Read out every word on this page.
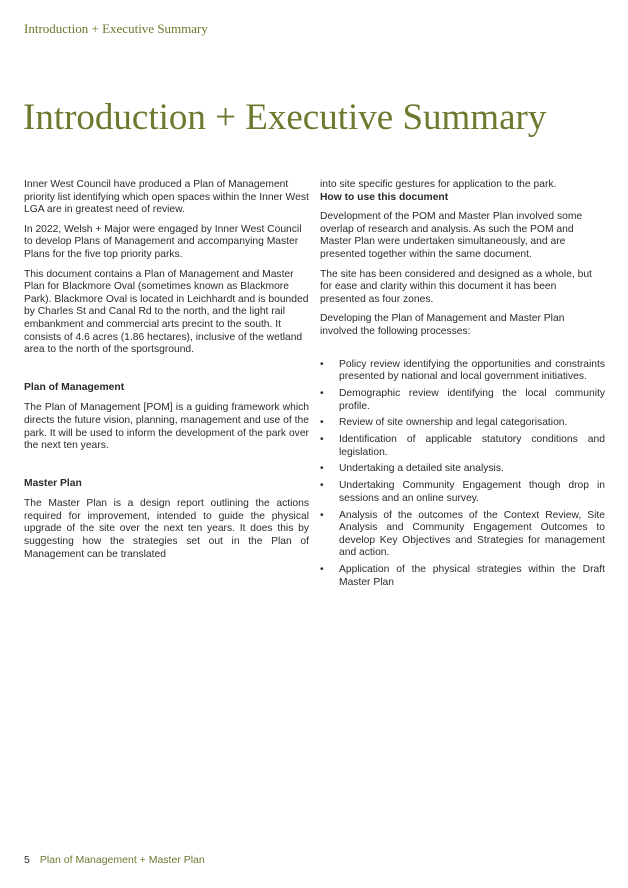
Introduction + Executive Summary
Introduction + Executive Summary

Inner West Council have produced a Plan of Management priority list identifying which open spaces within the Inner West LGA are in greatest need of review.

In 2022, Welsh + Major were engaged by Inner West Council to develop Plans of Management and accompanying Master Plans for the five top priority parks.

This document contains a Plan of Management and Master Plan for Blackmore Oval (sometimes known as Blackmore Park). Blackmore Oval is located in Leichhardt and is bounded by Charles St and Canal Rd to the north, and the light rail embankment and commercial arts precint to the south. It consists of 4.6 acres (1.86 hectares), inclusive of the wetland area to the north of the sportsground.

Plan of Management

The Plan of Management [POM] is a guiding framework which directs the future vision, planning, management and use of the park. It will be used to inform the development of the park over the next ten years.

Master Plan

The Master Plan is a design report outlining the actions required for improvement, intended to guide the physical upgrade of the site over the next ten years. It does this by suggesting how the strategies set out in the Plan of Management can be translated

into site specific gestures for application to the park.
How to use this document

Development of the POM and Master Plan involved some overlap of research and analysis. As such the POM and Master Plan were undertaken simultaneously, and are presented together within the same document.

The site has been considered and designed as a whole, but for ease and clarity within this document it has been presented as four zones.

Developing the Plan of Management and Master Plan involved the following processes:

• Policy review identifying the opportunities and constraints presented by national and local government initiatives.
• Demographic review identifying the local community profile.
• Review of site ownership and legal categorisation.
• Identification of applicable statutory conditions and legislation.
• Undertaking a detailed site analysis.
• Undertaking Community Engagement though drop in sessions and an online survey.
• Analysis of the outcomes of the Context Review, Site Analysis and Community Engagement Outcomes to develop Key Objectives and Strategies for management and action.
• Application of the physical strategies within the Draft Master Plan
5 Plan of Management + Master Plan
